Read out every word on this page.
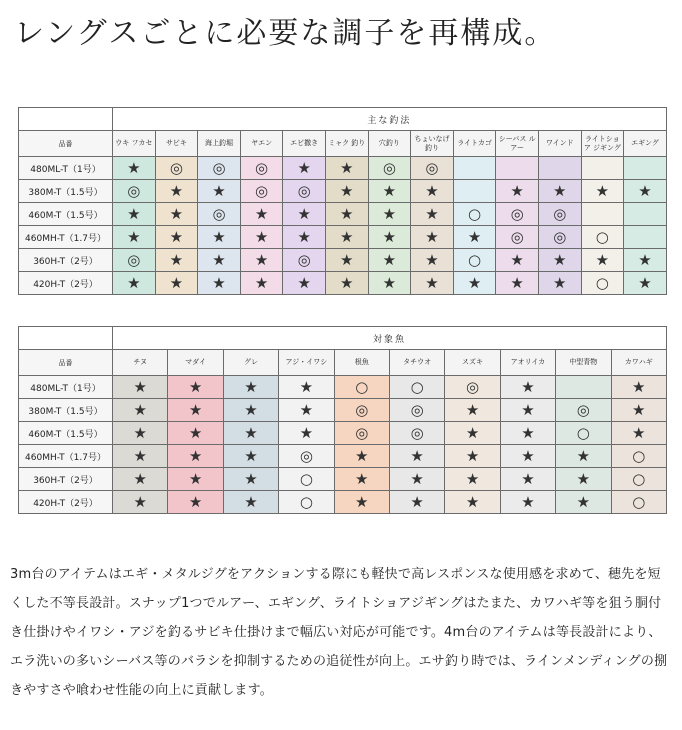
レングスごとに必要な調子を再構成。
	主な釣法												
品番	ウキ フカセ	サビキ	海上釣堀	ヤエン	エビ撒き	ミャク 釣り	穴釣り	ちょいなげ 釣り	ライトカゴ	シーバス ルアー	ワインド	ライトショア ジギング	エギング
480ML-T（1号）	★	◎	◎	◎	★	★	◎	◎					
380M-T（1.5号）	◎	★	★	◎	◎	★	★	★		★	★	★	★
460M-T（1.5号）	★	★	◎	★	★	★	★	★	○	◎	◎		
460MH-T（1.7号）	★	★	★	★	★	★	★	★	★	◎	◎	○	
360H-T（2号）	◎	★	★	★	◎	★	★	★	○	★	★	★	★
420H-T（2号）	★	★	★	★	★	★	★	★	★	★	★	○	★
	対象魚									
品番	チヌ	マダイ	グレ	アジ・イワシ	根魚	タチウオ	スズキ	アオリイカ	中型青物	カワハギ
480ML-T（1号）	★	★	★	★	○	○	◎	★		★
380M-T（1.5号）	★	★	★	★	◎	◎	★	★	◎	★
460M-T（1.5号）	★	★	★	★	◎	◎	★	★	○	★
460MH-T（1.7号）	★	★	★	◎	★	★	★	★	★	○
360H-T（2号）	★	★	★	○	★	★	★	★	★	○
420H-T（2号）	★	★	★	○	★	★	★	★	★	○
3m台のアイテムはエギ・メタルジグをアクションする際にも軽快で高レスポンスな使用感を求めて、穂先を短くした不等長設計。スナップ1つでルアー、エギング、ライトショアジギングはたまた、カワハギ等を狙う胴付き仕掛けやイワシ・アジを釣るサビキ仕掛けまで幅広い対応が可能です。4m台のアイテムは等長設計により、エラ洗いの多いシーバス等のバラシを抑制するための追従性が向上。エサ釣り時では、ラインメンディングの捌きやすさや喰わせ性能の向上に貢献します。
